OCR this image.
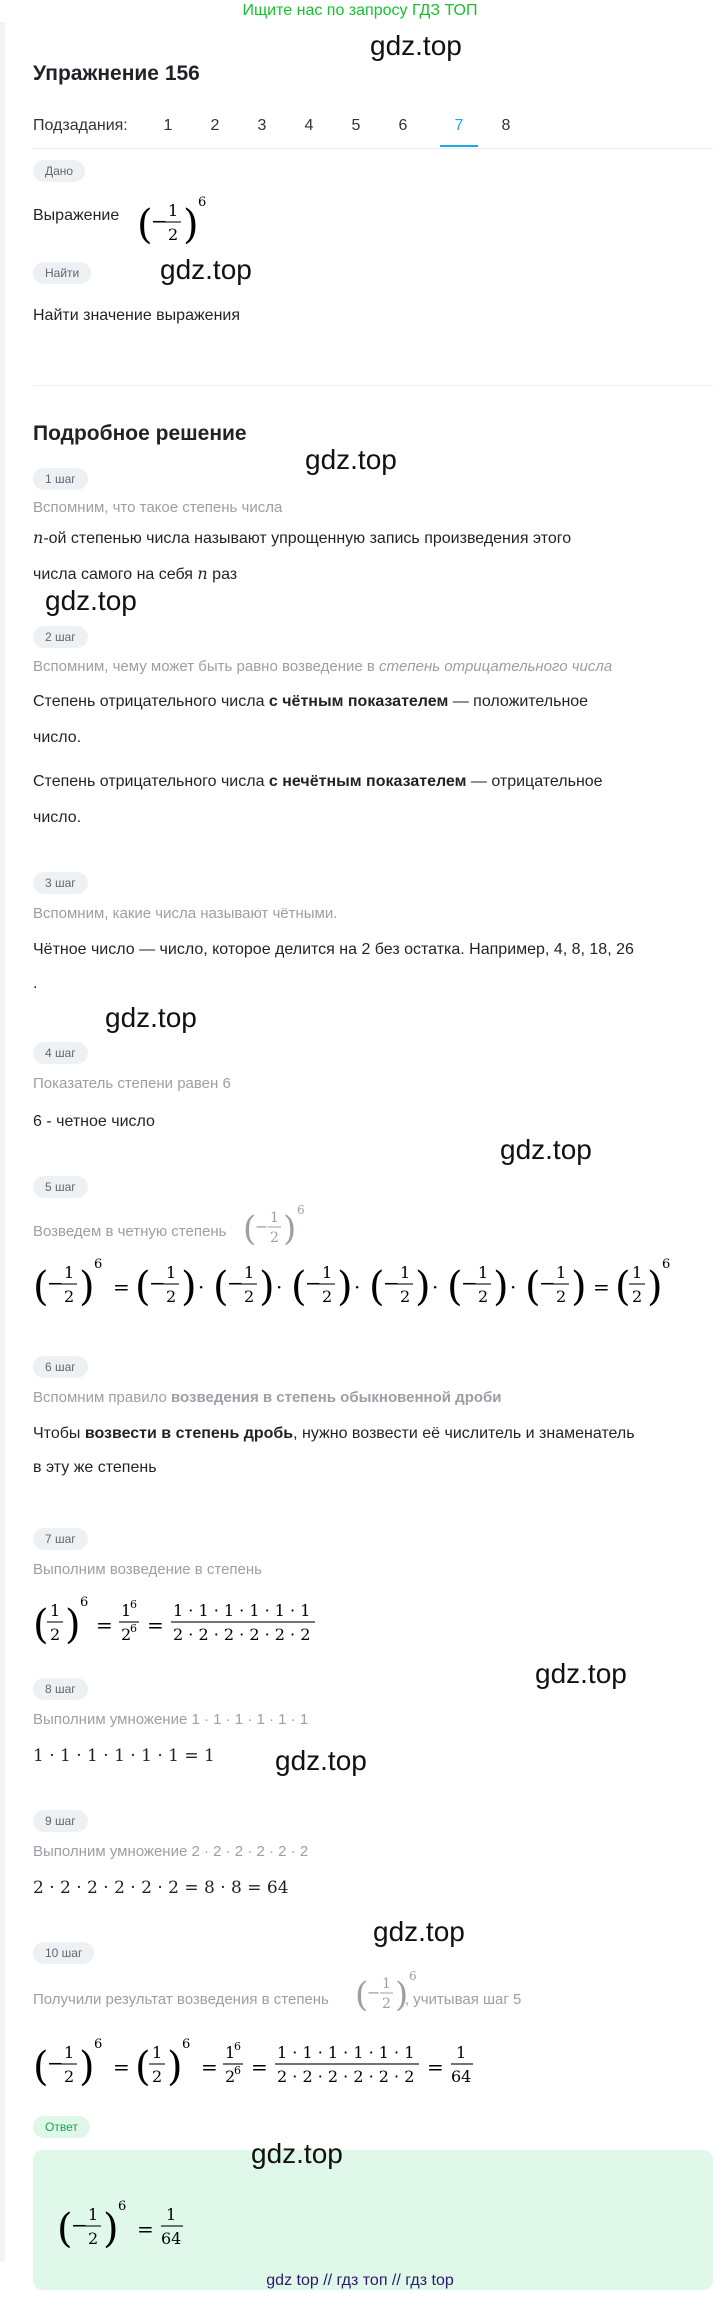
Ищите нас по запросу ГДЗ ТОП
Упражнение 156
Подзадания:	1	2	3	4	5	6	7	8
Дано
Выражение (
− 1
2 ) 6
Найти
Найти значение выражения
Подробное решение
1 шаг
Вспомним, что такое степень числа
n-ой степенью числа называют упрощенную запись произведения этого
числа самого на себя n раз
2 шаг
Вспомним, чему может быть равно возведение в степень отрицательного числа
Степень отрицательного числа с чётным показателем — положительное
число.
Степень отрицательного числа с нечётным показателем — отрицательное
число.
3 шаг
Вспомним, какие числа называют чётными.
Чётное число — число, которое делится на 2 без остатка. Например, 4, 8, 18, 26
.
4 шаг
Показатель степени равен 6
6 - четное число
5 шаг
Возведем в четную степень (
− 1
2 ) 6
(
− 1
2 ) 6
= (
− 1
2 ) · (
− 1
2 ) · (
− 1
2 ) · (
− 1
2 ) · (
− 1
2 ) · (
− 1
2 ) = ( 1
2 ) 6
6 шаг
Вспомним правило возведения в степень обыкновенной дроби
Чтобы возвести в степень дробь, нужно возвести её числитель и знаменатель
в эту же степень
7 шаг
Выполним возведение в степень
( 1
2 ) 6
=
1
6
2
6 =
1 · 1 · 1 · 1 · 1 · 1
2 · 2 · 2 · 2 · 2 · 2
8 шаг
Выполним умножение 1 · 1 · 1 · 1 · 1 · 1
1 · 1 · 1 · 1 · 1 · 1 = 1
9 шаг
Выполним умножение 2 · 2 · 2 · 2 · 2 · 2
2 · 2 · 2 · 2 · 2 · 2 = 8 · 8 = 64
10 шаг
Получили результат возведения в степень	, учитывая шаг 5
(
− 1
2 ) 6
(
− 1
2 ) 6
= ( 1
2 ) 6
=
1
6
2
6 =
1 · 1 · 1 · 1 · 1 · 1
2 · 2 · 2 · 2 · 2 · 2 =
1
64
Ответ
(
− 1
2 ) 6
=
1
64
gdz.top
gdz.top
gdz.top
gdz.top
gdz.top
gdz.top
gdz.top
gdz.top
gdz.top
gdz.top
gdz top // гдз топ // гдз top
